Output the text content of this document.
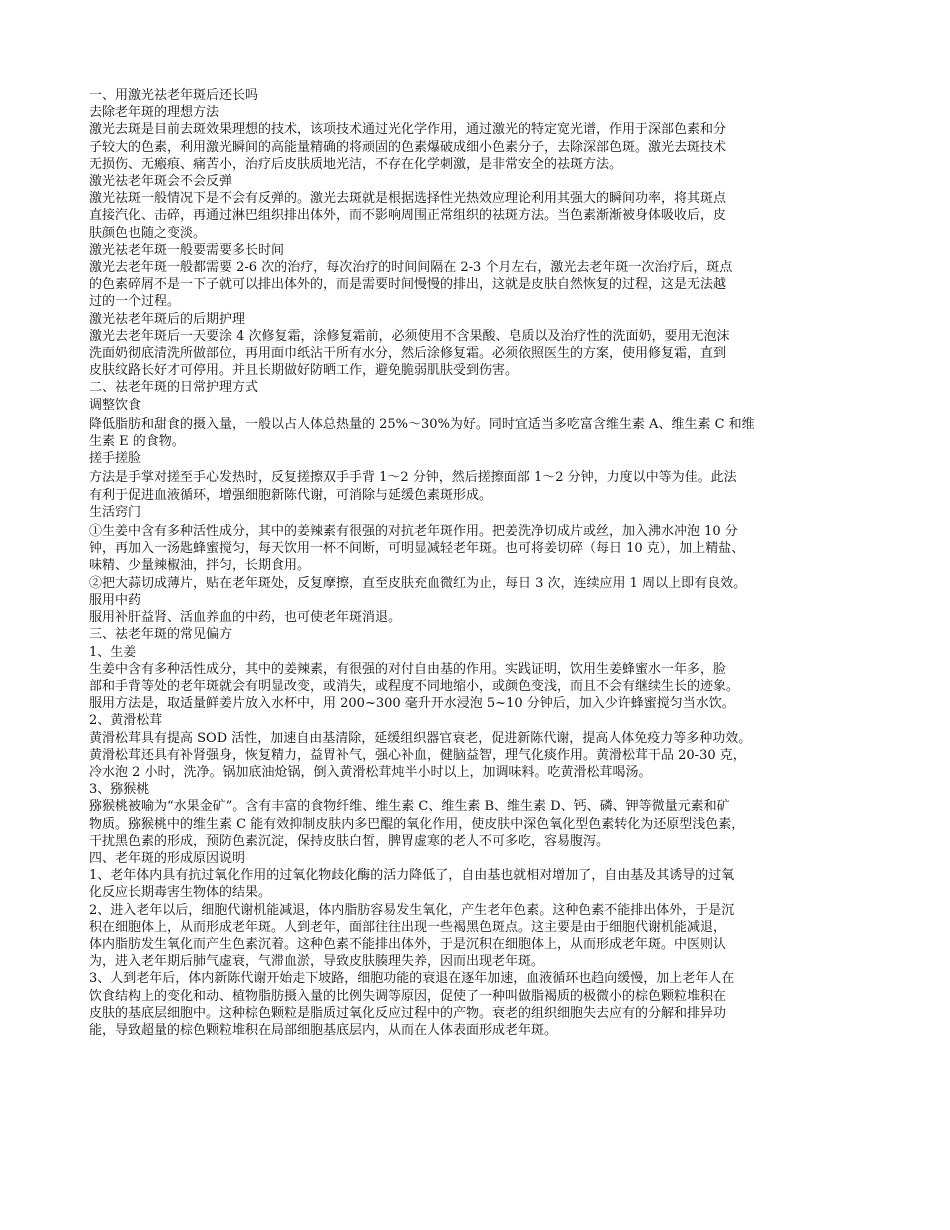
一、用激光祛老年斑后还长吗

去除老年斑的理想方法

激光去斑是目前去斑效果理想的技术，该项技术通过光化学作用，通过激光的特定宽光谱，作用于深部色素和分
子较大的色素，利用激光瞬间的高能量精确的将顽固的色素爆破成细小色素分子，去除深部色斑。激光去斑技术
无损伤、无瘢痕、痛苦小，治疗后皮肤质地光洁，不存在化学刺激，是非常安全的祛斑方法。

激光祛老年斑会不会反弹

激光祛斑一般情况下是不会有反弹的。激光去斑就是根据选择性光热效应理论利用其强大的瞬间功率，将其斑点
直接汽化、击碎，再通过淋巴组织排出体外，而不影响周围正常组织的祛斑方法。当色素渐渐被身体吸收后，皮
肤颜色也随之变淡。

激光祛老年斑一般要需要多长时间

激光去老年斑一般都需要 2-6 次的治疗，每次治疗的时间间隔在 2-3 个月左右，激光去老年斑一次治疗后，斑点
的色素碎屑不是一下子就可以排出体外的，而是需要时间慢慢的排出，这就是皮肤自然恢复的过程，这是无法越
过的一个过程。

激光祛老年斑后的后期护理

激光去老年斑后一天要涂 4 次修复霜，涂修复霜前，必须使用不含果酸、皂质以及治疗性的洗面奶，要用无泡沫
洗面奶彻底清洗所做部位，再用面巾纸沾干所有水分，然后涂修复霜。必须依照医生的方案，使用修复霜，直到
皮肤纹路长好才可停用。并且长期做好防晒工作，避免脆弱肌肤受到伤害。

二、祛老年斑的日常护理方式

调整饮食

降低脂肪和甜食的摄入量，一般以占人体总热量的 25%～30%为好。同时宜适当多吃富含维生素 A、维生素 C 和维
生素 E 的食物。

搓手搓脸

方法是手掌对搓至手心发热时，反复搓擦双手手背 1～2 分钟，然后搓擦面部 1～2 分钟，力度以中等为佳。此法
有利于促进血液循环，增强细胞新陈代谢，可消除与延缓色素斑形成。

生活窍门

①生姜中含有多种活性成分，其中的姜辣素有很强的对抗老年斑作用。把姜洗净切成片或丝，加入沸水冲泡 10 分
钟，再加入一汤匙蜂蜜搅匀，每天饮用一杯不间断，可明显减轻老年斑。也可将姜切碎（每日 10 克），加上精盐、
味精、少量辣椒油，拌匀，长期食用。

②把大蒜切成薄片，贴在老年斑处，反复摩擦，直至皮肤充血微红为止，每日 3 次，连续应用 1 周以上即有良效。

服用中药

服用补肝益肾、活血养血的中药，也可使老年斑消退。

三、祛老年斑的常见偏方

1、生姜

生姜中含有多种活性成分，其中的姜辣素，有很强的对付自由基的作用。实践证明，饮用生姜蜂蜜水一年多，脸
部和手背等处的老年斑就会有明显改变，或消失，或程度不同地缩小，或颜色变浅，而且不会有继续生长的迹象。
服用方法是，取适量鲜姜片放入水杯中，用 200~300 毫升开水浸泡 5~10 分钟后，加入少许蜂蜜搅匀当水饮。

2、黄滑松茸

黄滑松茸具有提高 SOD 活性，加速自由基清除，延缓组织器官衰老，促进新陈代谢，提高人体免疫力等多种功效。
黄滑松茸还具有补肾强身，恢复精力，益胃补气，强心补血，健脑益智，理气化痰作用。黄滑松茸干品 20-30 克，
冷水泡 2 小时，洗净。锅加底油炝锅，倒入黄滑松茸炖半小时以上，加调味料。吃黄滑松茸喝汤。

3、猕猴桃

猕猴桃被喻为“水果金矿”。含有丰富的食物纤维、维生素 C、维生素 B、维生素 D、钙、磷、钾等微量元素和矿
物质。猕猴桃中的维生素 C 能有效抑制皮肤内多巴醌的氧化作用，使皮肤中深色氧化型色素转化为还原型浅色素，
干扰黑色素的形成，预防色素沉淀，保持皮肤白皙，脾胃虚寒的老人不可多吃，容易腹泻。

四、老年斑的形成原因说明

1、老年体内具有抗过氧化作用的过氧化物歧化酶的活力降低了，自由基也就相对增加了，自由基及其诱导的过氧
化反应长期毒害生物体的结果。

2、进入老年以后，细胞代谢机能减退，体内脂肪容易发生氧化，产生老年色素。这种色素不能排出体外，于是沉
积在细胞体上，从而形成老年斑。人到老年，面部往往出现一些褐黑色斑点。这主要是由于细胞代谢机能减退，
体内脂肪发生氧化而产生色素沉着。这种色素不能排出体外，于是沉积在细胞体上，从而形成老年斑。中医则认
为，进入老年期后肺气虚衰，气滞血淤，导致皮肤腠理失养，因而出现老年斑。

3、人到老年后，体内新陈代谢开始走下坡路，细胞功能的衰退在逐年加速，血液循环也趋向缓慢，加上老年人在
饮食结构上的变化和动、植物脂肪摄入量的比例失调等原因，促使了一种叫做脂褐质的极微小的棕色颗粒堆积在
皮肤的基底层细胞中。这种棕色颗粒是脂质过氧化反应过程中的产物。衰老的组织细胞失去应有的分解和排异功
能，导致超量的棕色颗粒堆积在局部细胞基底层内，从而在人体表面形成老年斑。
